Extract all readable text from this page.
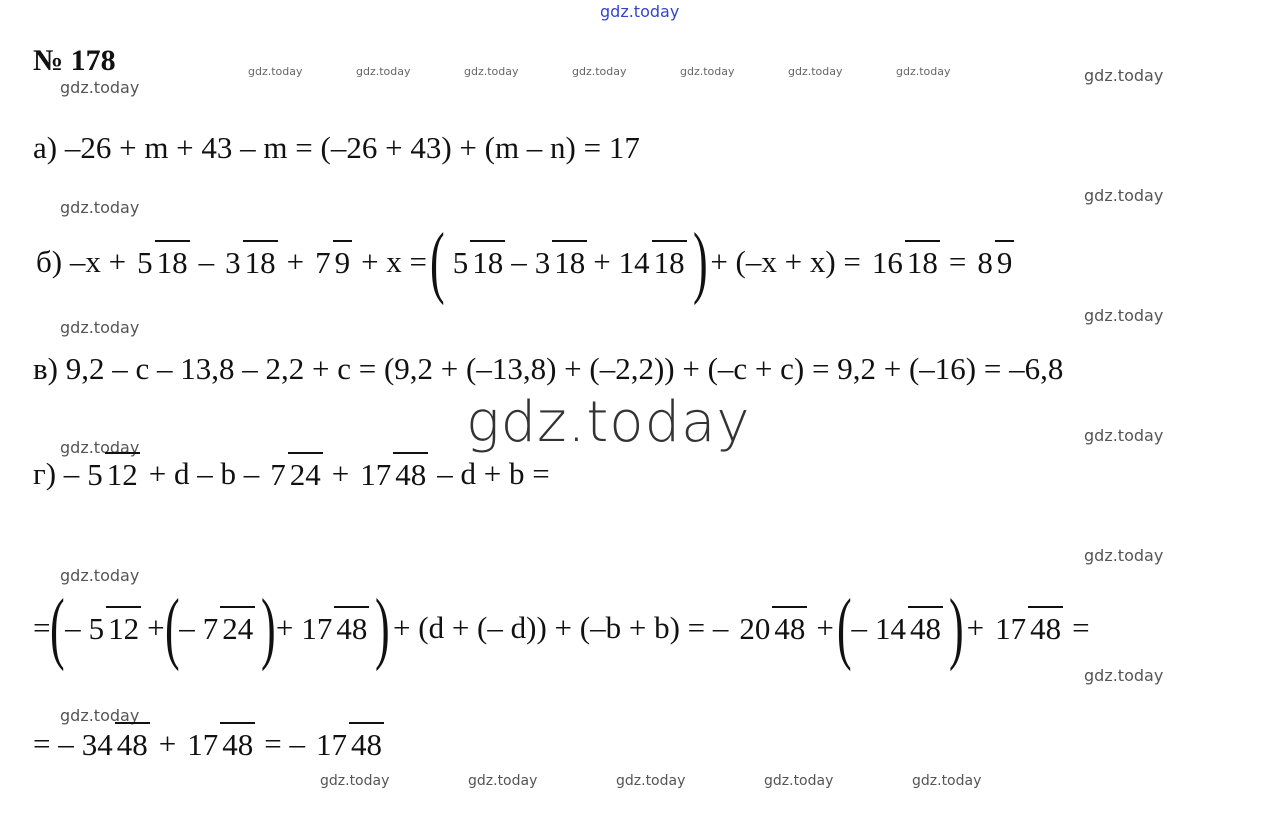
gdz.today
gdz.today
gdz.today	gdz.today	gdz.today	gdz.today	gdz.today	gdz.today	gdz.today
gdz.today
gdz.today
gdz.today
gdz.today
gdz.today
gdz.today
gdz.today
gdz.today
gdz.today
gdz.today
gdz.today
gdz.today
gdz.today	gdz.today	gdz.today	gdz.today	gdz.today
№ 178
а) –26 + m + 43 – m = (–26 + 43) + (m – n) = 17
б) –x + 5 18 – 3 18 + 7 9 + x = ( 5 18 – 3 18 + 14 18 ) + (–x + x) = 16 18 = 8 9
в) 9,2 – c – 13,8 – 2,2 + c = (9,2 + (–13,8) + (–2,2)) + (–c + c) = 9,2 + (–16) = –6,8
г) – 5 12 + d – b – 7 24 + 17 48 – d + b =
= ( – 5 12 + ( – 7 24 ) + 17 48 ) + (d + (– d)) + (–b + b) = – 20 48 + ( – 14 48 ) + 17 48 =
= – 34 48 + 17 48 = – 17 48
